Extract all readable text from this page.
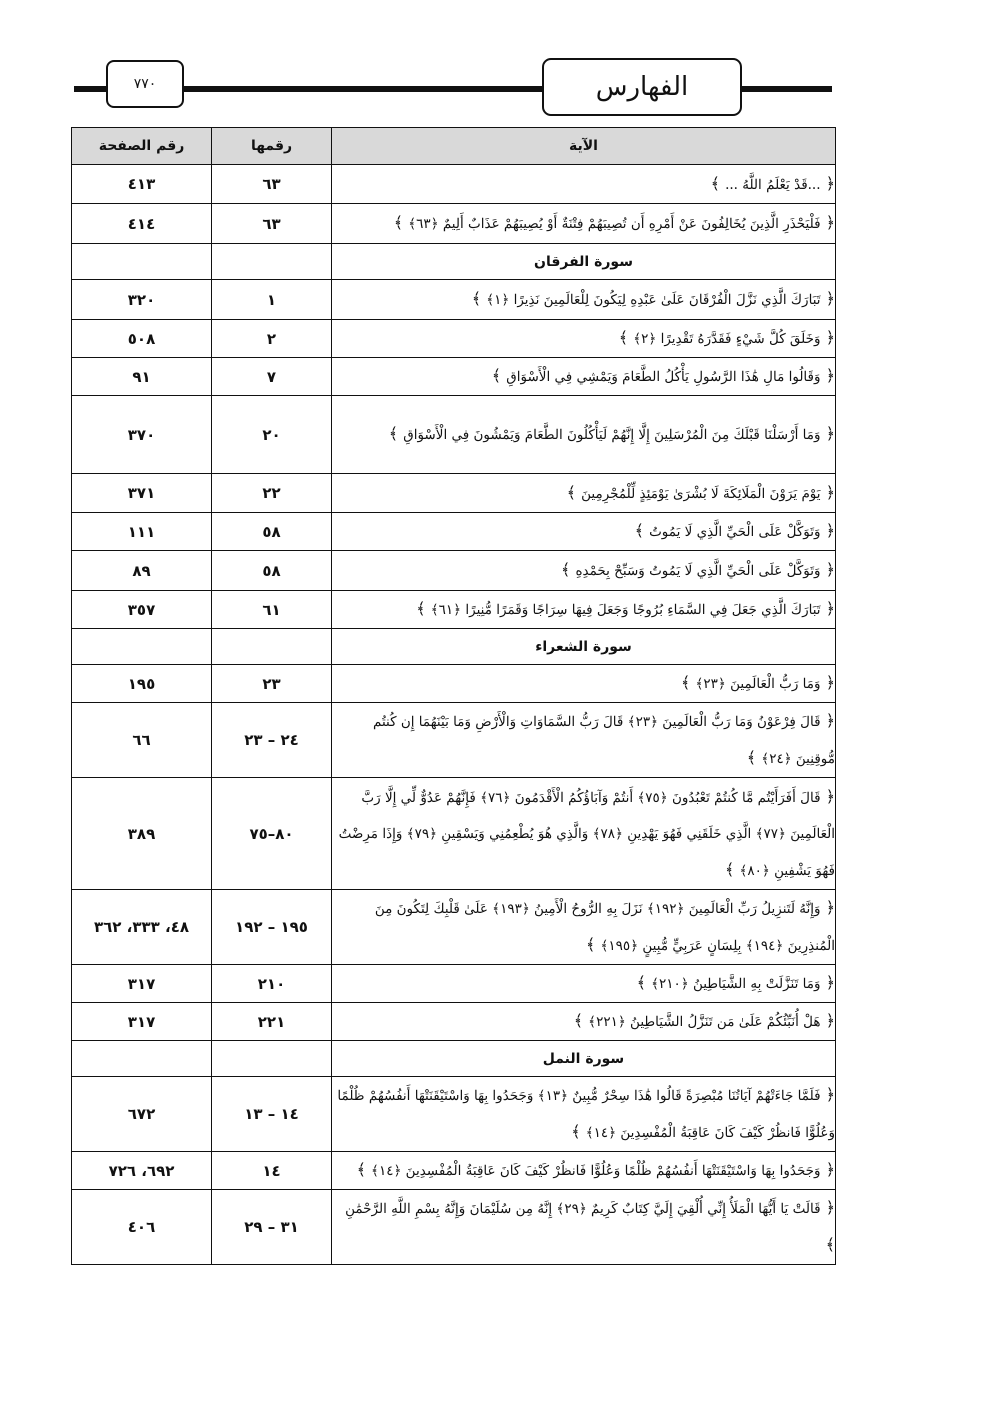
٧٧٠	الفهارس
رقم الصفحة	رقمها	الآية
٤١٣	٦٣	﴿ ...قَدْ يَعْلَمُ اللَّهُ ... ﴾
٤١٤	٦٣	﴿ فَلْيَحْذَرِ الَّذِينَ يُخَالِفُونَ عَنْ أَمْرِهِ أَن تُصِيبَهُمْ فِتْنَةٌ أَوْ يُصِيبَهُمْ عَذَابٌ أَلِيمٌ ﴿٦٣﴾ ﴾
		سورة الفرقان
٣٢٠	١	﴿ تَبَارَكَ الَّذِي نَزَّلَ الْفُرْقَانَ عَلَىٰ عَبْدِهِ لِيَكُونَ لِلْعَالَمِينَ نَذِيرًا ﴿١﴾ ﴾
٥٠٨	٢	﴿ وَخَلَقَ كُلَّ شَيْءٍ فَقَدَّرَهُ تَقْدِيرًا ﴿٢﴾ ﴾
٩١	٧	﴿ وَقَالُوا مَالِ هَٰذَا الرَّسُولِ يَأْكُلُ الطَّعَامَ وَيَمْشِي فِي الْأَسْوَاقِ ﴾
٣٧٠	٢٠	﴿ وَمَا أَرْسَلْنَا قَبْلَكَ مِنَ الْمُرْسَلِينَ إِلَّا إِنَّهُمْ لَيَأْكُلُونَ الطَّعَامَ وَيَمْشُونَ فِي الْأَسْوَاقِ ﴾
٣٧١	٢٢	﴿ يَوْمَ يَرَوْنَ الْمَلَائِكَةَ لَا بُشْرَىٰ يَوْمَئِذٍ لِّلْمُجْرِمِينَ ﴾
١١١	٥٨	﴿ وَتَوَكَّلْ عَلَى الْحَيِّ الَّذِي لَا يَمُوتُ ﴾
٨٩	٥٨	﴿ وَتَوَكَّلْ عَلَى الْحَيِّ الَّذِي لَا يَمُوتُ وَسَبِّحْ بِحَمْدِهِ ﴾
٣٥٧	٦١	﴿ تَبَارَكَ الَّذِي جَعَلَ فِي السَّمَاءِ بُرُوجًا وَجَعَلَ فِيهَا سِرَاجًا وَقَمَرًا مُّنِيرًا ﴿٦١﴾ ﴾
		سورة الشعراء
١٩٥	٢٣	﴿ وَمَا رَبُّ الْعَالَمِينَ ﴿٢٣﴾ ﴾
٦٦	٢٤ – ٢٣	﴿ قَالَ فِرْعَوْنُ وَمَا رَبُّ الْعَالَمِينَ ﴿٢٣﴾ قَالَ رَبُّ السَّمَاوَاتِ وَالْأَرْضِ وَمَا بَيْنَهُمَا إِن كُنتُم مُّوقِنِينَ ﴿٢٤﴾ ﴾
٣٨٩	٨٠–٧٥	﴿ قَالَ أَفَرَأَيْتُم مَّا كُنتُمْ تَعْبُدُونَ ﴿٧٥﴾ أَنتُمْ وَآبَاؤُكُمُ الْأَقْدَمُونَ ﴿٧٦﴾ فَإِنَّهُمْ عَدُوٌّ لِّي إِلَّا رَبَّ الْعَالَمِينَ ﴿٧٧﴾ الَّذِي خَلَقَنِي فَهُوَ يَهْدِينِ ﴿٧٨﴾ وَالَّذِي هُوَ يُطْعِمُنِي وَيَسْقِينِ ﴿٧٩﴾ وَإِذَا مَرِضْتُ فَهُوَ يَشْفِينِ ﴿٨٠﴾ ﴾
٤٨، ٣٣٣، ٣٦٢	١٩٥ – ١٩٢	﴿ وَإِنَّهُ لَتَنزِيلُ رَبِّ الْعَالَمِينَ ﴿١٩٢﴾ نَزَلَ بِهِ الرُّوحُ الْأَمِينُ ﴿١٩٣﴾ عَلَىٰ قَلْبِكَ لِتَكُونَ مِنَ الْمُنذِرِينَ ﴿١٩٤﴾ بِلِسَانٍ عَرَبِيٍّ مُّبِينٍ ﴿١٩٥﴾ ﴾
٣١٧	٢١٠	﴿ وَمَا تَنَزَّلَتْ بِهِ الشَّيَاطِينُ ﴿٢١٠﴾ ﴾
٣١٧	٢٢١	﴿ هَلْ أُنَبِّئُكُمْ عَلَىٰ مَن تَنَزَّلُ الشَّيَاطِينُ ﴿٢٢١﴾ ﴾
		سورة النمل
٦٧٢	١٤ – ١٣	﴿ فَلَمَّا جَاءَتْهُمْ آيَاتُنَا مُبْصِرَةً قَالُوا هَٰذَا سِحْرٌ مُّبِينٌ ﴿١٣﴾ وَجَحَدُوا بِهَا وَاسْتَيْقَنَتْهَا أَنفُسُهُمْ ظُلْمًا وَعُلُوًّا فَانظُرْ كَيْفَ كَانَ عَاقِبَةُ الْمُفْسِدِينَ ﴿١٤﴾ ﴾
٦٩٢، ٧٢٦	١٤	﴿ وَجَحَدُوا بِهَا وَاسْتَيْقَنَتْهَا أَنفُسُهُمْ ظُلْمًا وَعُلُوًّا فَانظُرْ كَيْفَ كَانَ عَاقِبَةُ الْمُفْسِدِينَ ﴿١٤﴾ ﴾
٤٠٦	٣١ – ٢٩	﴿ قَالَتْ يَا أَيُّهَا الْمَلَأُ إِنِّي أُلْقِيَ إِلَيَّ كِتَابٌ كَرِيمٌ ﴿٢٩﴾ إِنَّهُ مِن سُلَيْمَانَ وَإِنَّهُ بِسْمِ اللَّهِ الرَّحْمَٰنِ ﴾
